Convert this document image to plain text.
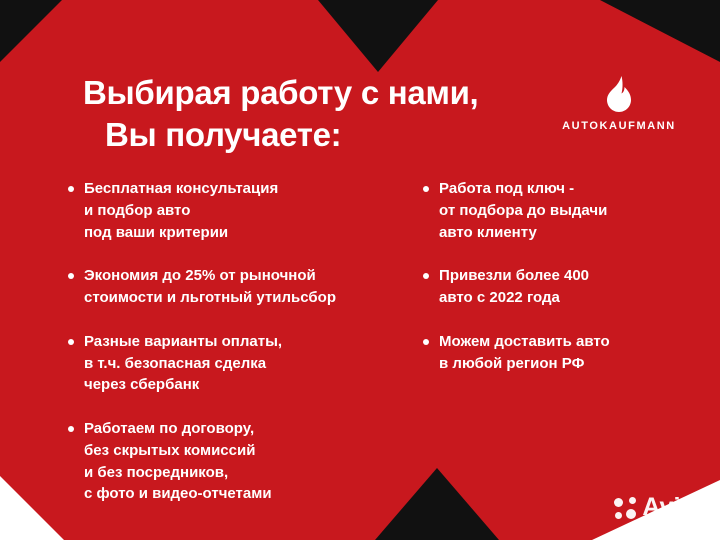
Выбирая работу с нами,
Вы получаете:	AUTOKAUFMANN
Бесплатная консультация
и подбор авто
под ваши критерии
Экономия до 25% от рыночной
стоимости и льготный утильсбор
Разные варианты оплаты,
в т.ч. безопасная сделка
через сбербанк
Работаем по договору,
без скрытых комиссий
и без посредников,
с фото и видео-отчетами
Работа под ключ -
от подбора до выдачи
авто клиенту
Привезли более 400
авто с 2022 года
Можем доставить авто
в любой регион РФ
Avito
